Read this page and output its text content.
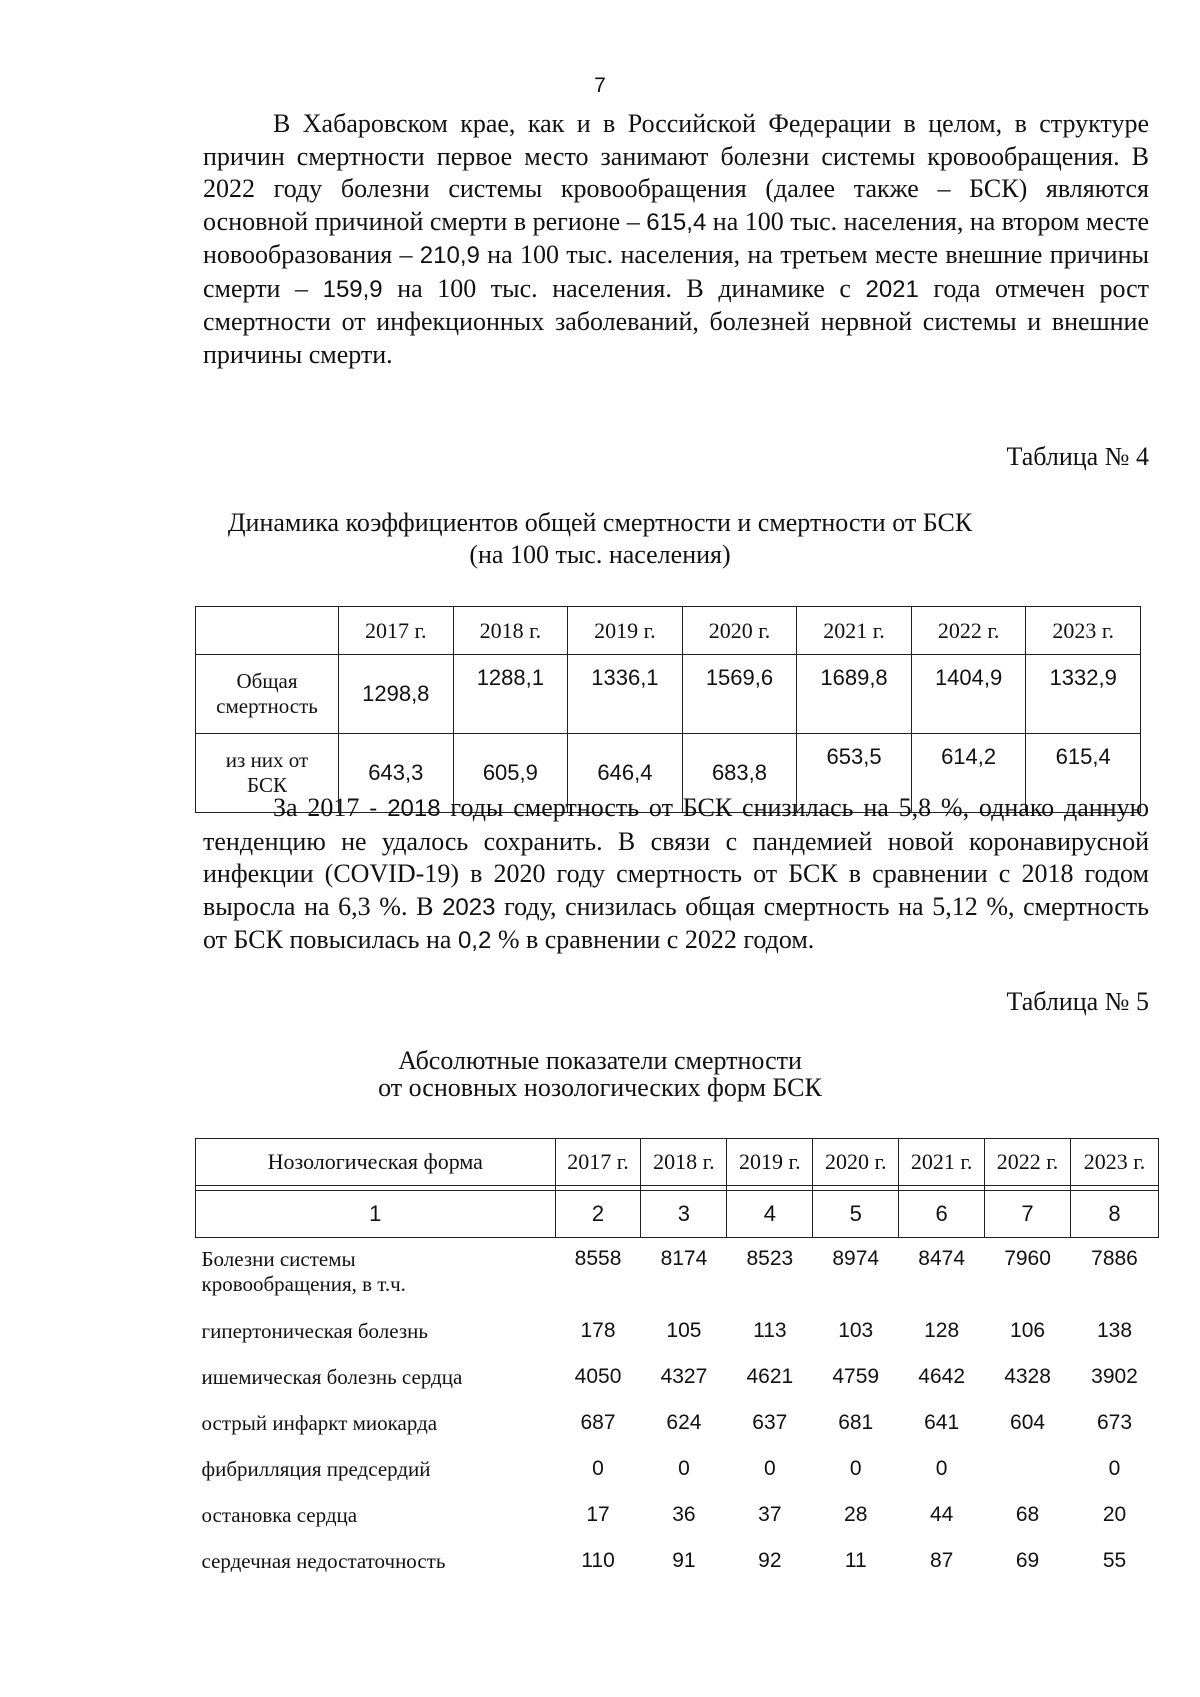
7

В Хабаровском крае, как и в Российской Федерации в целом, в структуре причин смертности первое место занимают болезни системы кровообращения. В 2022 году болезни системы кровообращения (далее также – БСК) являются основной причиной смерти в регионе – 615,4 на 100 тыс. населения, на втором месте новообразования – 210,9 на 100 тыс. населения, на третьем месте внешние причины смерти – 159,9 на 100 тыс. населения. В динамике с 2021 года отмечен рост смертности от инфекционных заболеваний, болезней нервной системы и внешние причины смерти.

Таблица № 4
Динамика коэффициентов общей смертности и смертности от БСК
(на 100 тыс. населения)
	2017 г.	2018 г.	2019 г.	2020 г.	2021 г.	2022 г.	2023 г.
Общая
смертность	1298,8	1288,1	1336,1	1569,6	1689,8	1404,9	1332,9
из них от
БСК	643,3	605,9	646,4	683,8	653,5	614,2	615,4

За 2017 - 2018 годы смертность от БСК снизилась на 5,8 %, однако данную тенденцию не удалось сохранить. В связи с пандемией новой коронавирусной инфекции (COVID-19) в 2020 году смертность от БСК в сравнении с 2018 годом выросла на 6,3 %. В 2023 году, снизилась общая смертность на 5,12 %, смертность от БСК повысилась на 0,2 % в сравнении с 2022 годом.

Таблица № 5
Абсолютные показатели смертности
от основных нозологических форм БСК
Нозологическая форма	2017 г.	2018 г.	2019 г.	2020 г.	2021 г.	2022 г.	2023 г.

1	2	3	4	5	6	7	8
Болезни системы
кровообращения, в т.ч.	8558	8174	8523	8974	8474	7960	7886
гипертоническая болезнь	178	105	113	103	128	106	138
ишемическая болезнь сердца	4050	4327	4621	4759	4642	4328	3902
острый инфаркт миокарда	687	624	637	681	641	604	673
фибрилляция предсердий	0	0	0	0	0		0
остановка сердца	17	36	37	28	44	68	20
сердечная недостаточность	110	91	92	11	87	69	55
